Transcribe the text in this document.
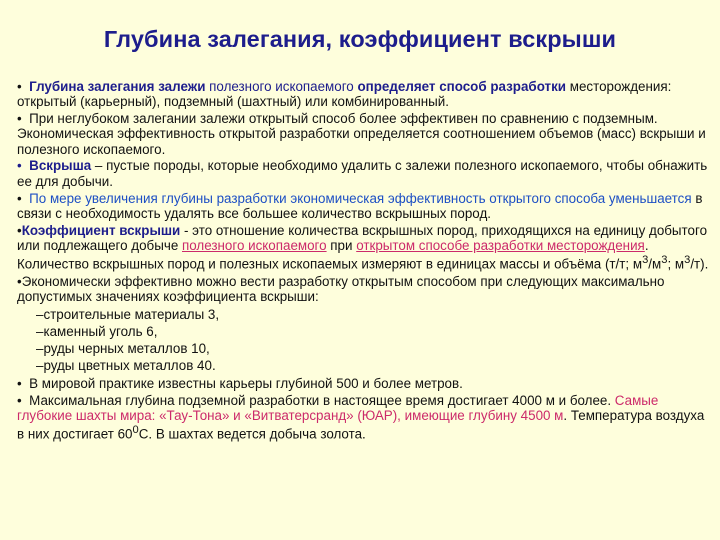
Глубина залегания, коэффициент вскрыши

• Глубина залегания залежи полезного ископаемого определяет способ разработки месторождения: открытый (карьерный), подземный (шахтный) или комбинированный.

• При неглубоком залегании залежи открытый способ более эффективен по сравнению с подземным. Экономическая эффективность открытой разработки определяется соотношением объемов (масс) вскрыши и полезного ископаемого.

• Вскрыша – пустые породы, которые необходимо удалить с залежи полезного ископаемого, чтобы обнажить ее для добычи.

• По мере увеличения глубины разработки экономическая эффективность открытого способа уменьшается в связи с необходимость удалять все большее количество вскрышных пород.

•Коэффициент вскрыши - это отношение количества вскрышных пород, приходящихся на единицу добытого или подлежащего добыче полезного ископаемого при открытом способе разработки месторождения. Количество вскрышных пород и полезных ископаемых измеряют в единицах массы и объёма (т/т; $м^3/м^3$; $м^3/т$).

•Экономически эффективно можно вести разработку открытым способом при следующих максимально допустимых значениях коэффициента вскрыши:

–строительные материалы 3,

–каменный уголь 6,

–руды черных металлов 10,

–руды цветных металлов 40.

• В мировой практике известны карьеры глубиной 500 и более метров.

• Максимальная глубина подземной разработки в настоящее время достигает 4000 м и более. Самые глубокие шахты мира: «Тау-Тона» и «Витватерсранд» (ЮАР), имеющие глубину 4500 м. Температура воздуха в них достигает $60^0С$. В шахтах ведется добыча золота.
